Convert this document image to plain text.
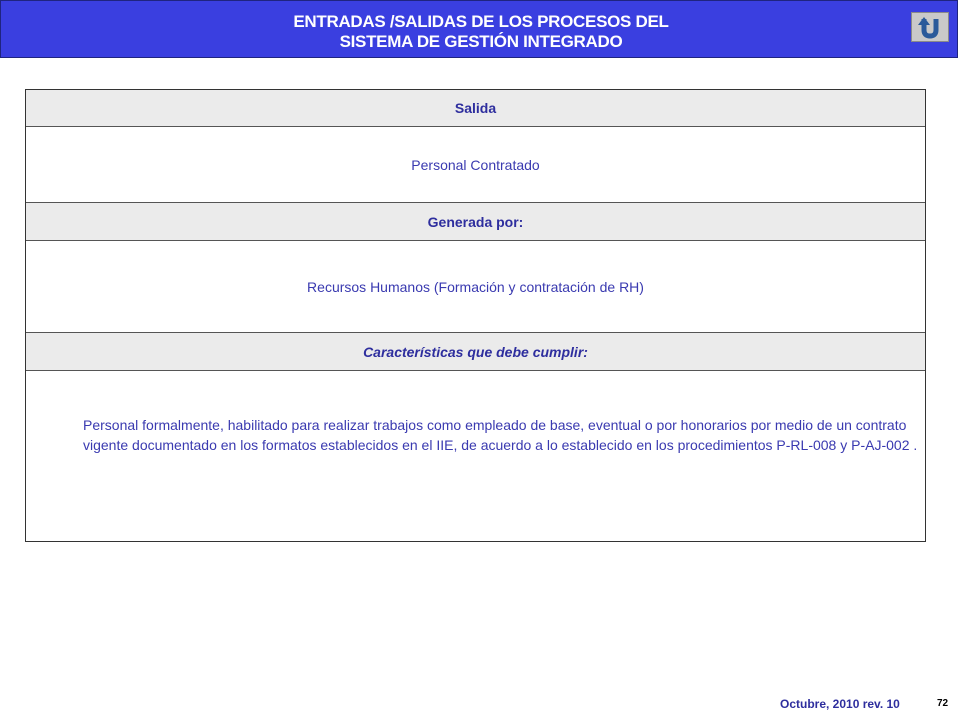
ENTRADAS /SALIDAS DE LOS PROCESOS DEL
SISTEMA DE GESTIÓN INTEGRADO
Salida
Personal Contratado
Generada por:
Recursos Humanos (Formación y contratación de RH)
Características que debe cumplir:
Personal formalmente, habilitado para realizar trabajos como empleado de base, eventual o por honorarios por medio de un contrato vigente documentado en los formatos establecidos en el IIE, de acuerdo a lo establecido en los procedimientos P-RL-008 y P-AJ-002 .
Octubre, 2010 rev. 10	72
